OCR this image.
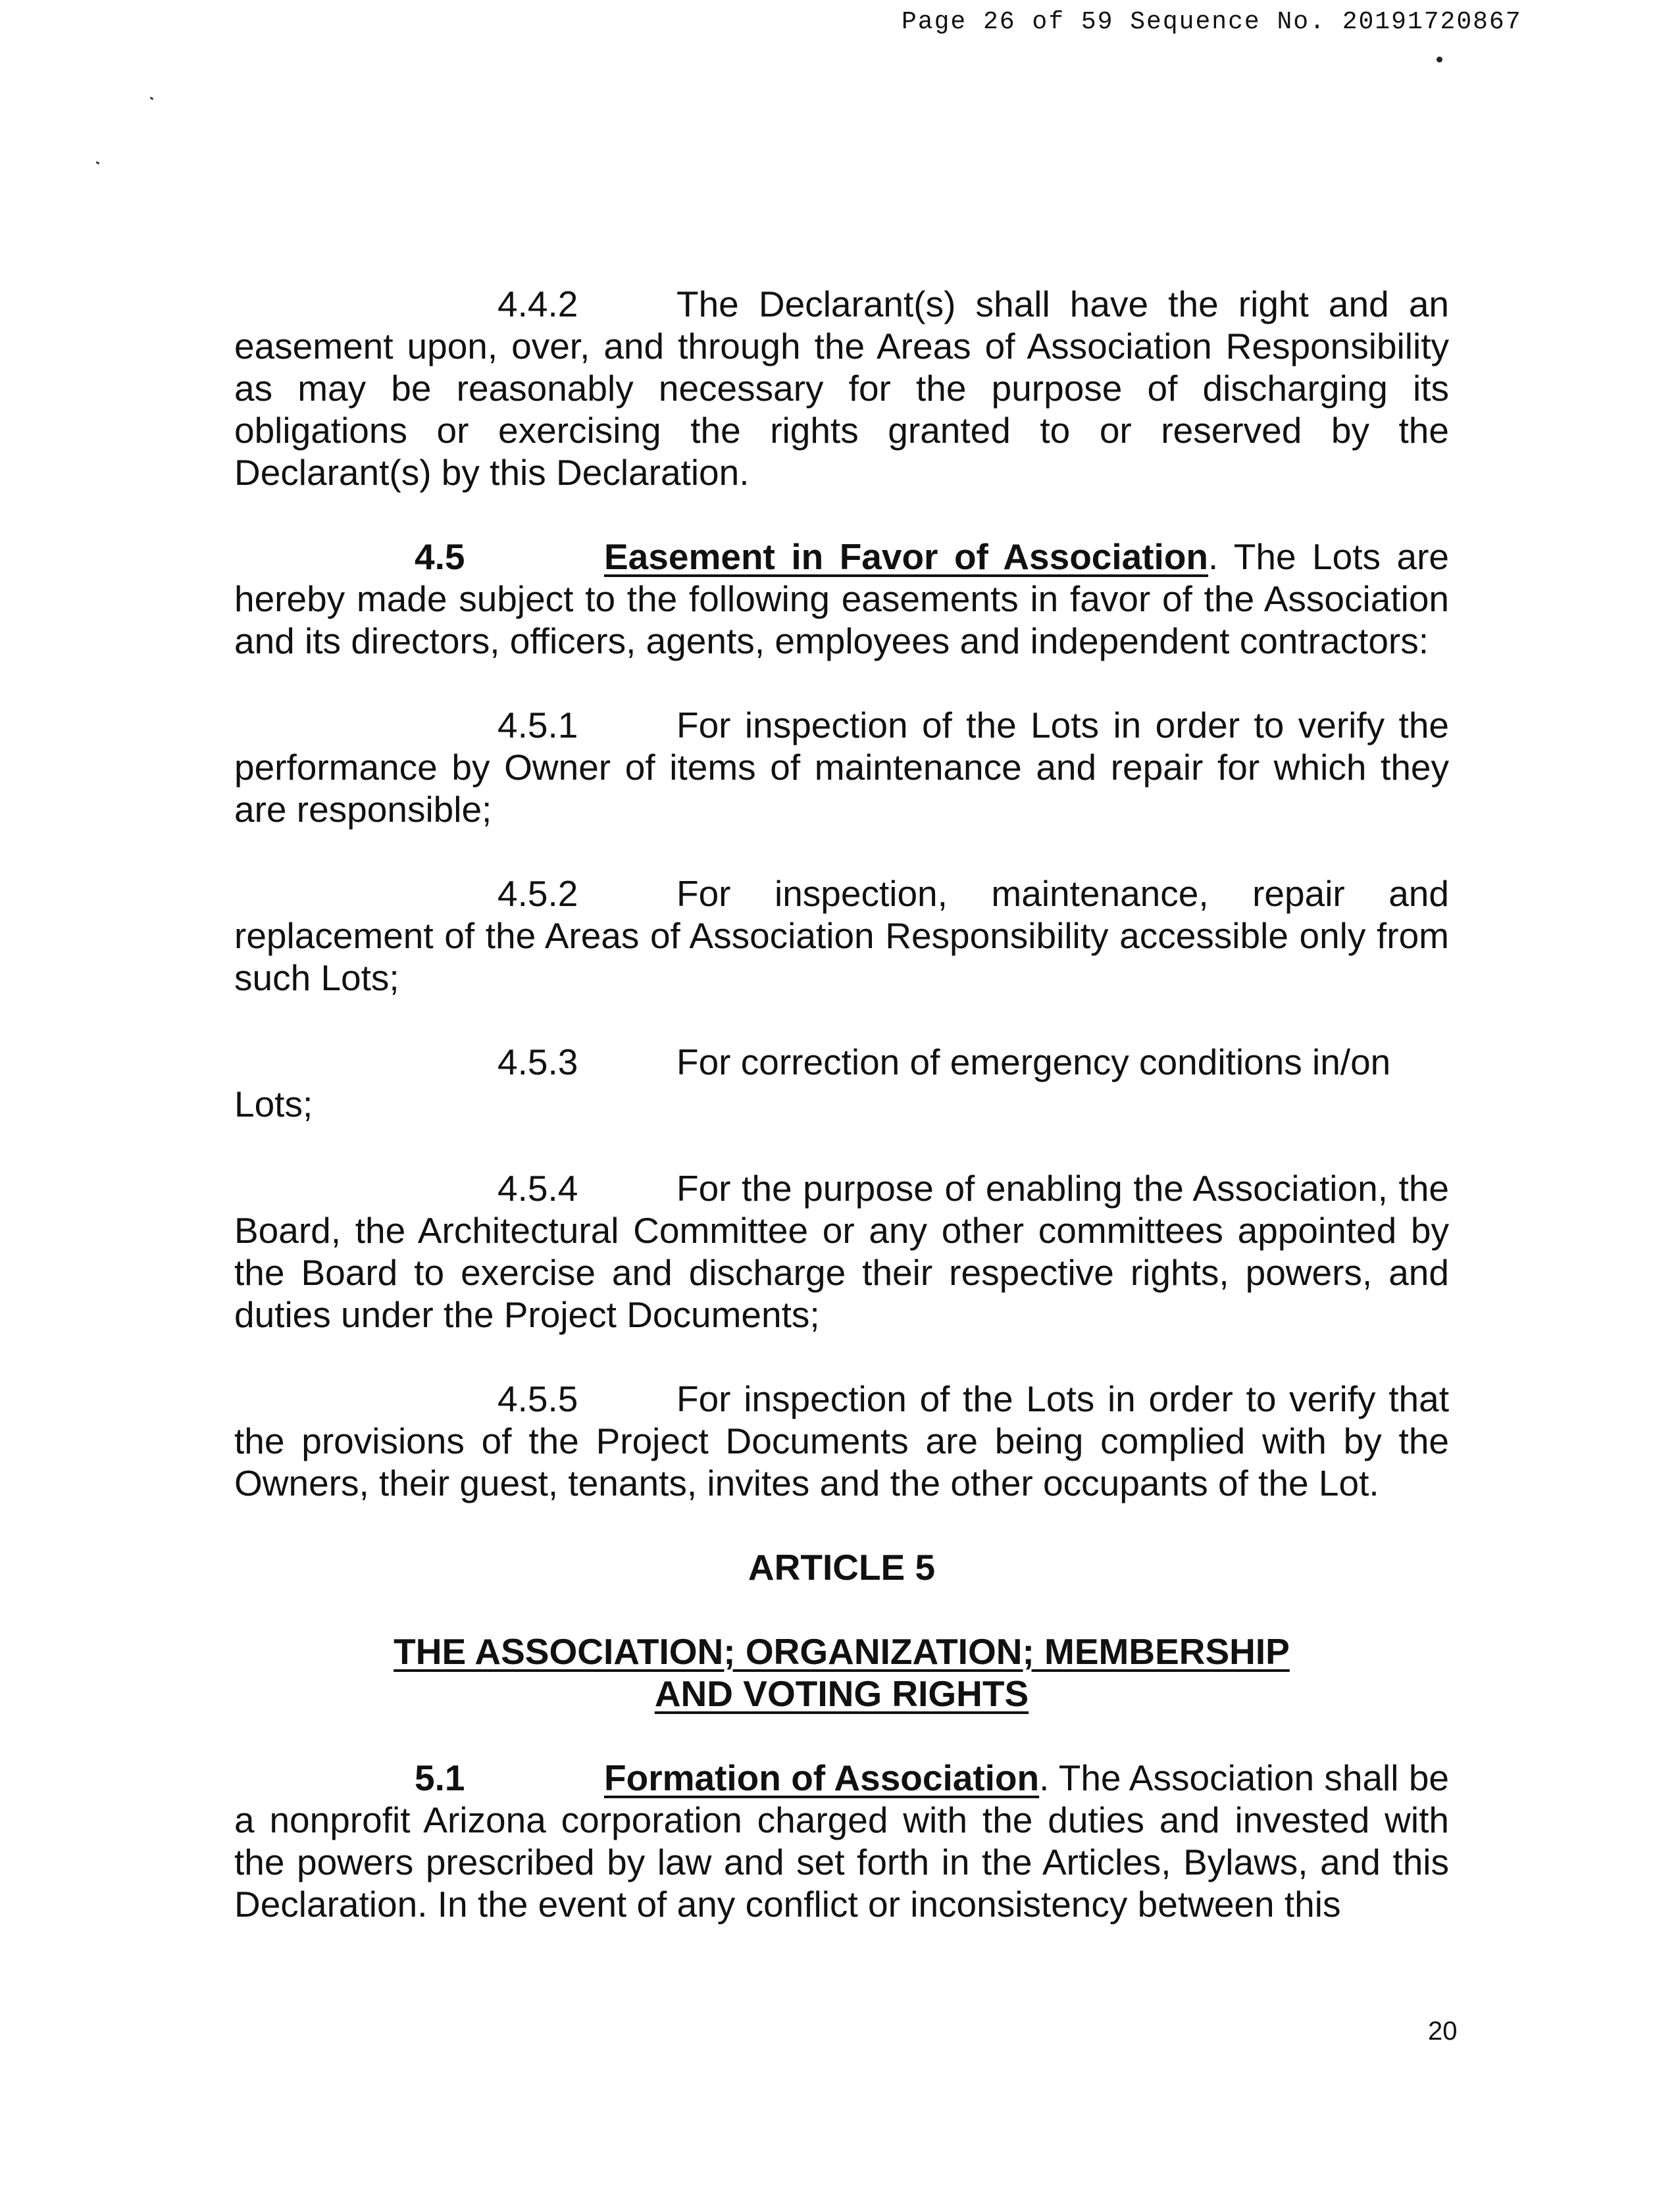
Page 26 of 59 Sequence No. 20191720867

4.4.2	The Declarant(s) shall have the right and an easement upon, over, and through the Areas of Association Responsibility as may be reasonably necessary for the purpose of discharging its obligations or exercising the rights granted to or reserved by the Declarant(s) by this Declaration.

4.5	Easement in Favor of Association. The Lots are hereby made subject to the following easements in favor of the Association and its directors, officers, agents, employees and independent contractors:

4.5.1	For inspection of the Lots in order to verify the performance by Owner of items of maintenance and repair for which they are responsible;

4.5.2	For inspection, maintenance, repair and replacement of the Areas of Association Responsibility accessible only from such Lots;

4.5.3	For correction of emergency conditions in/on
Lots;

4.5.4	For the purpose of enabling the Association, the Board, the Architectural Committee or any other committees appointed by the Board to exercise and discharge their respective rights, powers, and duties under the Project Documents;

4.5.5	For inspection of the Lots in order to verify that the provisions of the Project Documents are being complied with by the Owners, their guest, tenants, invites and the other occupants of the Lot.

ARTICLE 5

THE ASSOCIATION; ORGANIZATION; MEMBERSHIP

AND VOTING RIGHTS

5.1	Formation of Association. The Association shall be a nonprofit Arizona corporation charged with the duties and invested with the powers prescribed by law and set forth in the Articles, Bylaws, and this Declaration. In the event of any conflict or inconsistency between this

20
